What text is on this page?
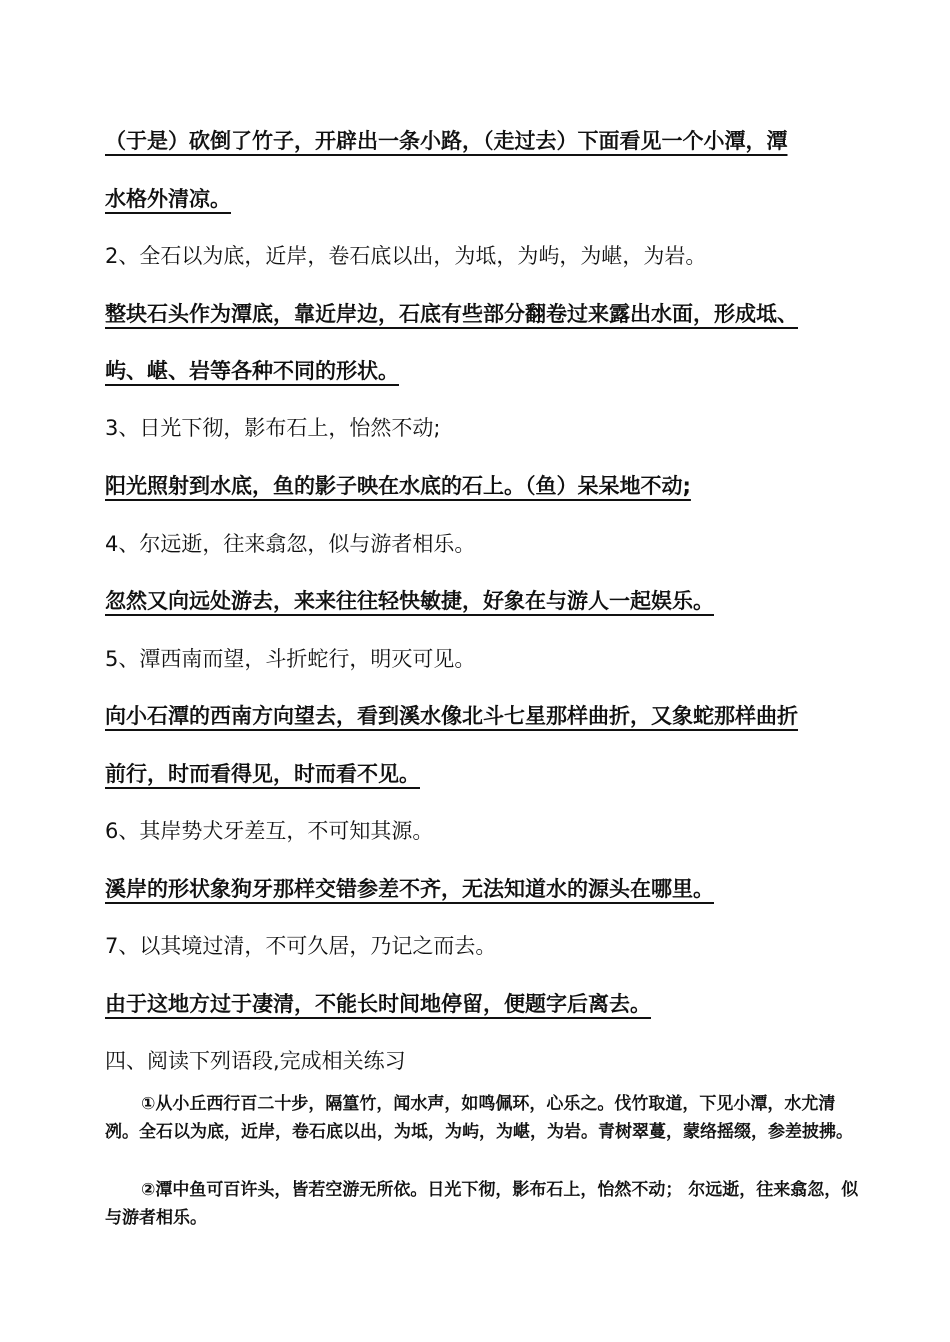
（于是）砍倒了竹子，开辟出一条小路，（走过去）下面看见一个小潭，潭
水格外清凉。
2、全石以为底，近岸，卷石底以出，为坻，为屿，为嵁，为岩。
整块石头作为潭底，靠近岸边，石底有些部分翻卷过来露出水面，形成坻、
屿、嵁、岩等各种不同的形状。
3、日光下彻，影布石上，怡然不动;
阳光照射到水底，鱼的影子映在水底的石上。（鱼）呆呆地不动;
4、尔远逝，往来翕忽，似与游者相乐。
忽然又向远处游去，来来往往轻快敏捷，好象在与游人一起娱乐。
5、潭西南而望，斗折蛇行，明灭可见。
向小石潭的西南方向望去，看到溪水像北斗七星那样曲折，又象蛇那样曲折
前行，时而看得见，时而看不见。
6、其岸势犬牙差互，不可知其源。
溪岸的形状象狗牙那样交错参差不齐，无法知道水的源头在哪里。
7、以其境过清，不可久居，乃记之而去。
由于这地方过于凄清，不能长时间地停留，便题字后离去。
四、阅读下列语段,完成相关练习
①从小丘西行百二十步，隔篁竹，闻水声，如鸣佩环，心乐之。伐竹取道，下见小潭，水尤清冽。全石以为底，近岸，卷石底以出，为坻，为屿，为嵁，为岩。青树翠蔓，蒙络摇缀，参差披拂。
②潭中鱼可百许头，皆若空游无所依。日光下彻，影布石上，怡然不动； 尔远逝，往来翕忽，似与游者相乐。
